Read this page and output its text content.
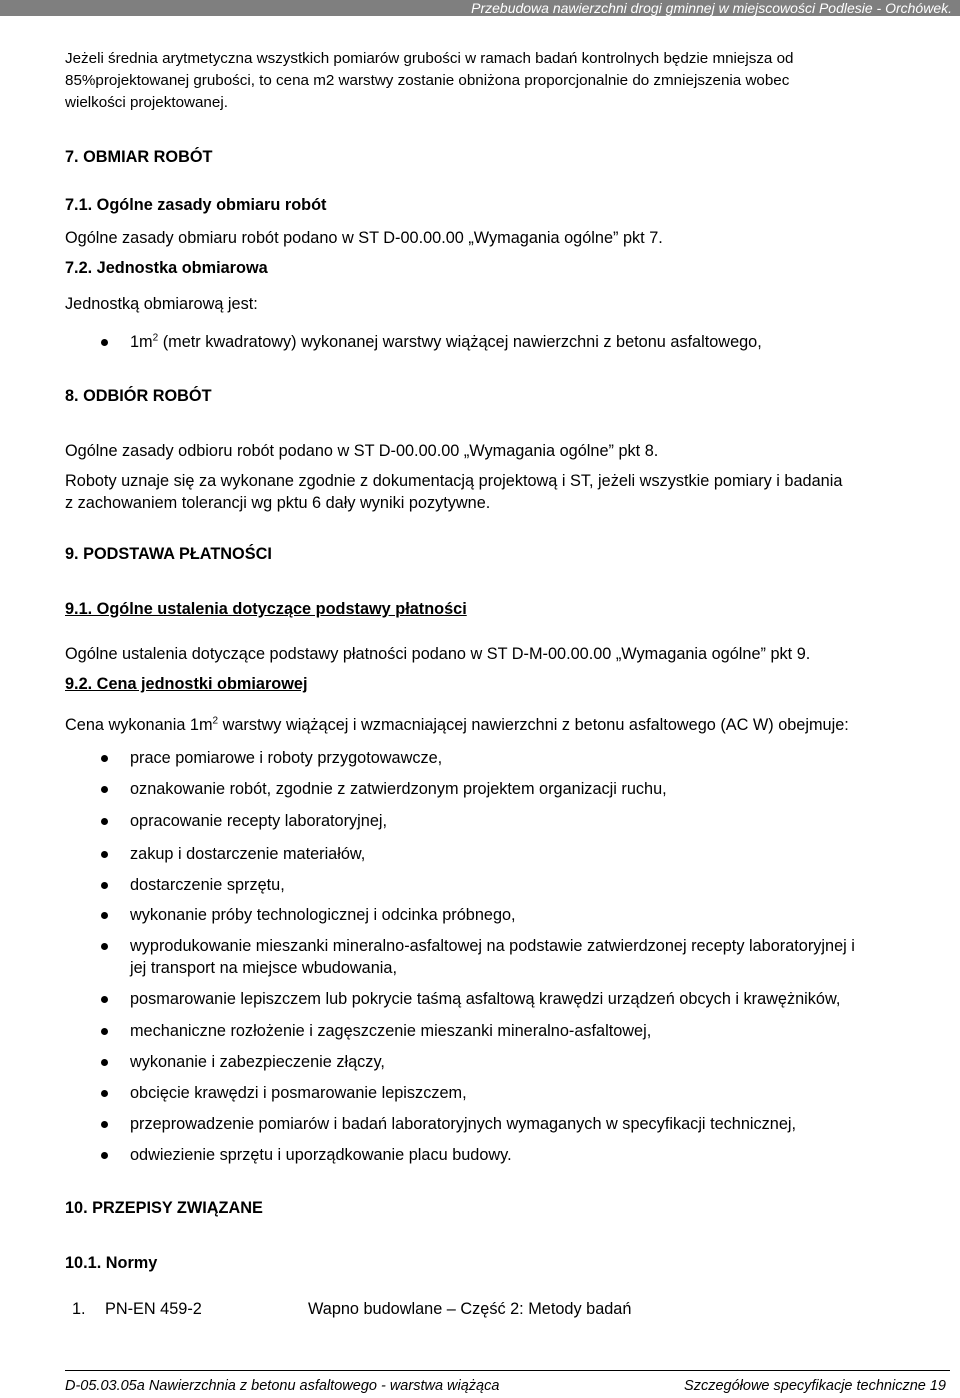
Przebudowa nawierzchni drogi gminnej w miejscowości Podlesie - Orchówek.
Jeżeli średnia arytmetyczna wszystkich pomiarów grubości w ramach badań kontrolnych będzie mniejsza od
85%projektowanej grubości, to cena m2 warstwy zostanie obniżona proporcjonalnie do zmniejszenia wobec
wielkości projektowanej.
7. OBMIAR ROBÓT
7.1. Ogólne zasady obmiaru robót
Ogólne zasady obmiaru robót podano w ST D-00.00.00 „Wymagania ogólne” pkt 7.
7.2. Jednostka obmiarowa
Jednostką obmiarową jest:
$1m^2$ (metr kwadratowy) wykonanej warstwy wiążącej nawierzchni z betonu asfaltowego,
8. ODBIÓR ROBÓT
Ogólne zasady odbioru robót podano w ST D-00.00.00 „Wymagania ogólne” pkt 8.
Roboty uznaje się za wykonane zgodnie z dokumentacją projektową i ST, jeżeli wszystkie pomiary i badania
z zachowaniem tolerancji wg pktu 6 dały wyniki pozytywne.
9. PODSTAWA PŁATNOŚCI
9.1. Ogólne ustalenia dotyczące podstawy płatności
Ogólne ustalenia dotyczące podstawy płatności podano w ST D-M-00.00.00 „Wymagania ogólne” pkt 9.
9.2. Cena jednostki obmiarowej
Cena wykonania $1m^2$ warstwy wiążącej i wzmacniającej nawierzchni z betonu asfaltowego (AC W) obejmuje:
prace pomiarowe i roboty przygotowawcze,
oznakowanie robót, zgodnie z zatwierdzonym projektem organizacji ruchu,
opracowanie recepty laboratoryjnej,
zakup i dostarczenie materiałów,
dostarczenie sprzętu,
wykonanie próby technologicznej i odcinka próbnego,
wyprodukowanie mieszanki mineralno-asfaltowej na podstawie zatwierdzonej recepty laboratoryjnej i
jej transport na miejsce wbudowania,
posmarowanie lepiszczem lub pokrycie taśmą asfaltową krawędzi urządzeń obcych i krawężników,
mechaniczne rozłożenie i zagęszczenie mieszanki mineralno-asfaltowej,
wykonanie i zabezpieczenie złączy,
obcięcie krawędzi i posmarowanie lepiszczem,
przeprowadzenie pomiarów i badań laboratoryjnych wymaganych w specyfikacji technicznej,
odwiezienie sprzętu i uporządkowanie placu budowy.
10. PRZEPISY ZWIĄZANE
10.1. Normy
1. PN-EN 459-2	Wapno budowlane – Część 2: Metody badań
D-05.03.05a Nawierzchnia z betonu asfaltowego - warstwa wiążąca	Szczegółowe specyfikacje techniczne 19
